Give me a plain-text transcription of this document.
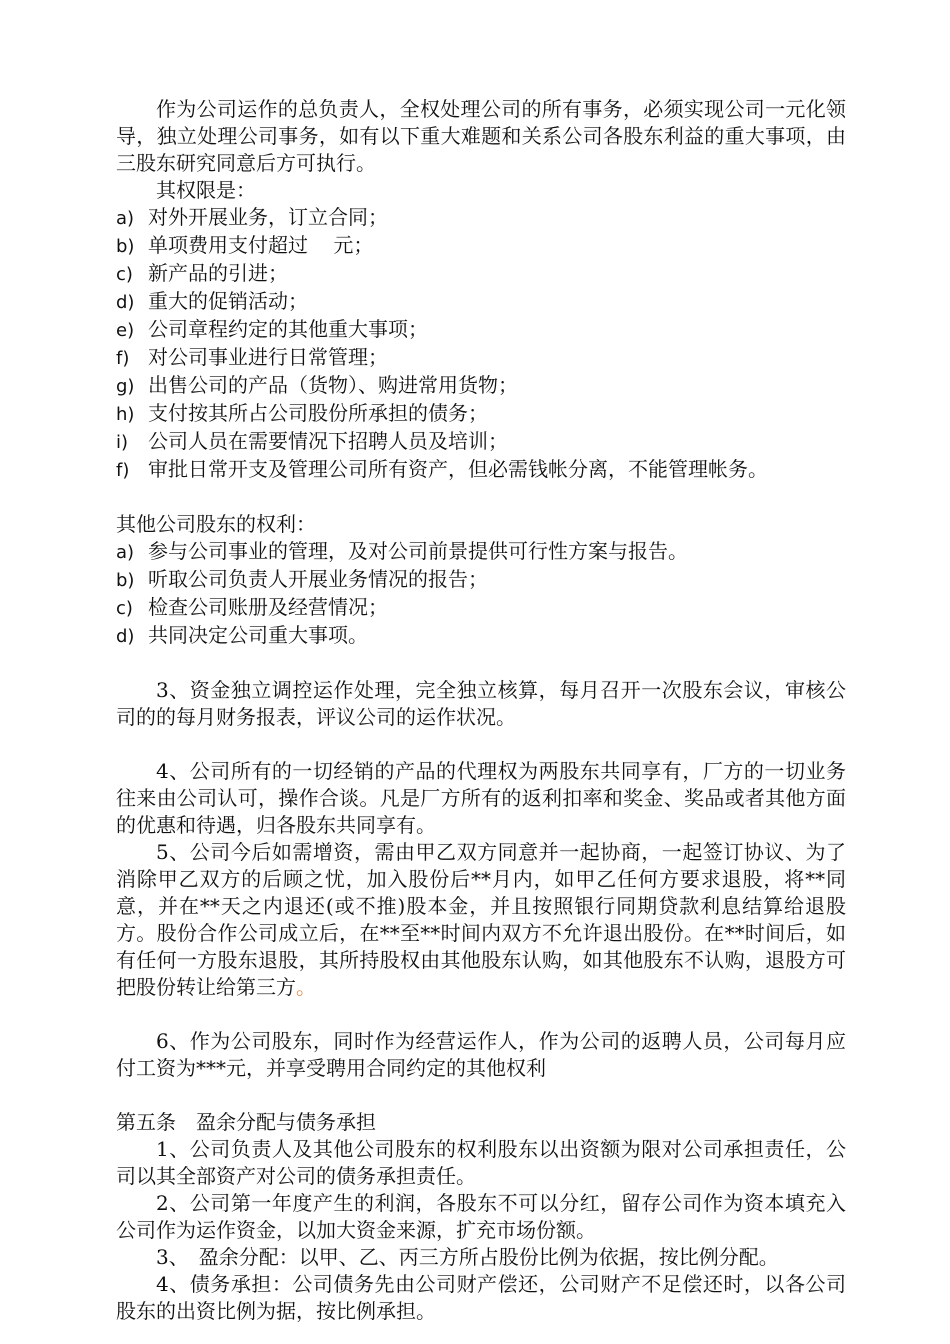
作为公司运作的总负责人，全权处理公司的所有事务，必须实现公司一元化领导，独立处理公司事务，如有以下重大难题和关系公司各股东利益的重大事项，由三股东研究同意后方可执行。

其权限是：

a) 对外开展业务，订立合同；

b) 单项费用支付超过    元；

c) 新产品的引进；

d) 重大的促销活动；

e) 公司章程约定的其他重大事项；

f) 对公司事业进行日常管理；

g) 出售公司的产品（货物）、购进常用货物；

h) 支付按其所占公司股份所承担的债务；

i) 公司人员在需要情况下招聘人员及培训；

f) 审批日常开支及管理公司所有资产，但必需钱帐分离，不能管理帐务。

其他公司股东的权利：

a) 参与公司事业的管理，及对公司前景提供可行性方案与报告。

b) 听取公司负责人开展业务情况的报告；

c) 检查公司账册及经营情况；

d) 共同决定公司重大事项。

3、资金独立调控运作处理，完全独立核算，每月召开一次股东会议，审核公司的的每月财务报表，评议公司的运作状况。

4、公司所有的一切经销的产品的代理权为两股东共同享有，厂方的一切业务往来由公司认可，操作合谈。凡是厂方所有的返利扣率和奖金、奖品或者其他方面的优惠和待遇，归各股东共同享有。

5、公司今后如需增资，需由甲乙双方同意并一起协商，一起签订协议、为了消除甲乙双方的后顾之忧，加入股份后**月内，如甲乙任何方要求退股，将**同意，并在**天之内退还(或不推)股本金，并且按照银行同期贷款利息结算给退股方。股份合作公司成立后，在**至**时间内双方不允许退出股份。在**时间后，如有任何一方股东退股，其所持股权由其他股东认购，如其他股东不认购，退股方可把股份转让给第三方。

6、作为公司股东，同时作为经营运作人，作为公司的返聘人员，公司每月应付工资为***元，并享受聘用合同约定的其他权利

第五条　盈余分配与债务承担

1、公司负责人及其他公司股东的权利股东以出资额为限对公司承担责任，公司以其全部资产对公司的债务承担责任。

2、公司第一年度产生的利润，各股东不可以分红，留存公司作为资本填充入公司作为运作资金，以加大资金来源，扩充市场份额。

3、　盈余分配：以甲、乙、丙三方所占股份比例为依据，按比例分配。

4、债务承担：公司债务先由公司财产偿还，公司财产不足偿还时，以各公司股东的出资比例为据，按比例承担。
